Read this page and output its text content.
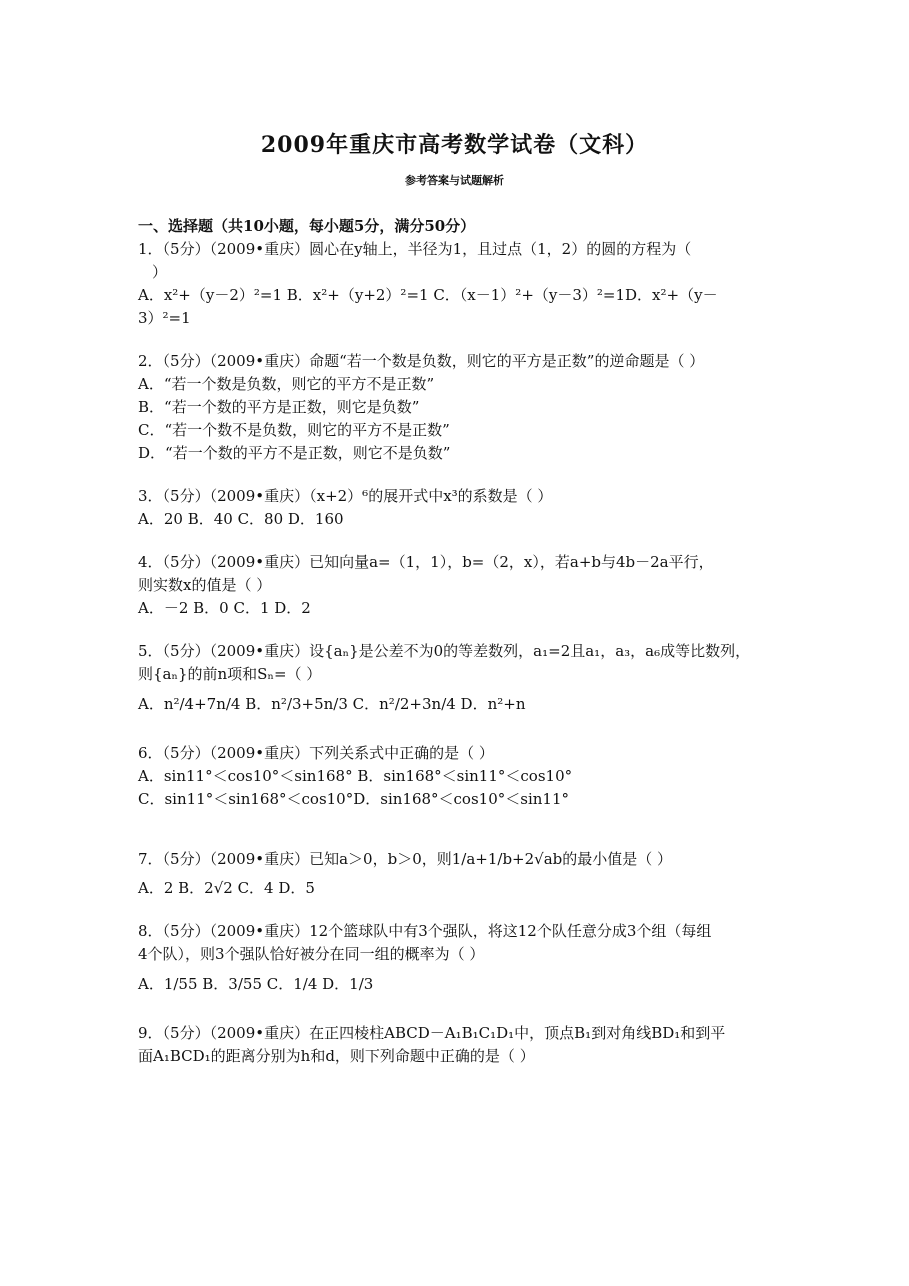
2009年重庆市高考数学试卷（文科）
参考答案与试题解析
一、选择题（共10小题，每小题5分，满分50分）
1．（5分）（2009•重庆）圆心在y轴上，半径为1，且过点（1，2）的圆的方程为（
）
A．x²+（y－2）²=1 B．x²+（y+2）²=1 C．（x－1）²+（y－3）²=1D．x²+（y－
3）²=1
2．（5分）（2009•重庆）命题“若一个数是负数，则它的平方是正数”的逆命题是（ ）
A．“若一个数是负数，则它的平方不是正数”
B．“若一个数的平方是正数，则它是负数”
C．“若一个数不是负数，则它的平方不是正数”
D．“若一个数的平方不是正数，则它不是负数”
3．（5分）（2009•重庆）（x+2）⁶的展开式中x³的系数是（ ）
A．20 B．40 C．80 D．160
4．（5分）（2009•重庆）已知向量a=（1，1），b=（2，x），若a+b与4b－2a平行，
则实数x的值是（ ）
A．－2 B．0 C．1 D．2
5．（5分）（2009•重庆）设{aₙ}是公差不为0的等差数列，a₁=2且a₁，a₃，a₆成等比数列，
则{aₙ}的前n项和Sₙ=（ ）
A．n²/4+7n/4 B．n²/3+5n/3 C．n²/2+3n/4 D．n²+n
6．（5分）（2009•重庆）下列关系式中正确的是（ ）
A．sin11°＜cos10°＜sin168° B．sin168°＜sin11°＜cos10°
C．sin11°＜sin168°＜cos10°D．sin168°＜cos10°＜sin11°
7．（5分）（2009•重庆）已知a＞0，b＞0，则1/a+1/b+2√ab的最小值是（ ）
A．2 B．2√2 C．4 D．5
8．（5分）（2009•重庆）12个篮球队中有3个强队，将这12个队任意分成3个组（每组
4个队），则3个强队恰好被分在同一组的概率为（ ）
A．1/55 B．3/55 C．1/4 D．1/3
9．（5分）（2009•重庆）在正四棱柱ABCD－A₁B₁C₁D₁中，顶点B₁到对角线BD₁和到平
面A₁BCD₁的距离分别为h和d，则下列命题中正确的是（ ）
